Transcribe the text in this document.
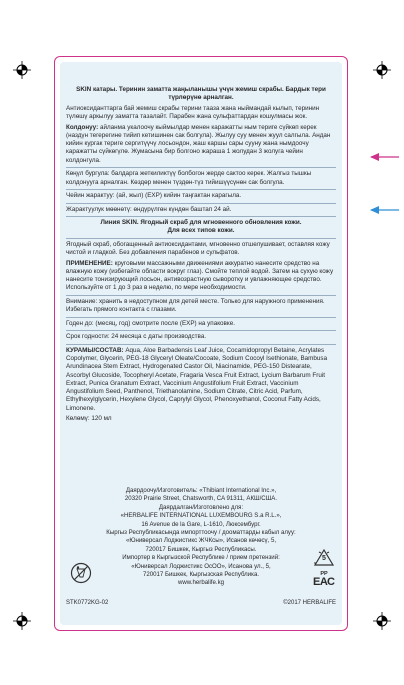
SKIN катары. Теринин заматта жаңыланышы үчүн жемиш скрабы. Бардык тери түрлөрүнө арналган.

Антиоксиданттарга бай жемиш скрабы терини тааза жана ныймандай кылып, теринин түлөшү аркылуу заматта тазалайт. Парабен жана сульфаттардан кошулмасы жок.

Колдонуу: айланма укалоочу кыймылдар менен каражатты ным териге сүйкөп керек (наздүн тегерегине тийип кетишинен сак болгула). Жылуу суу менен жуул салгыла. Андан кийин кургак териге сергитүүчү лосьондон, жаш каршы сары сууну жана нымдоочу каражатты сүйкөгүлө. Жумасына бир болгоно жараша 1 жолудан 3 жолуга чейин колдонгула.

Көңүл бургула: балдарга жеткиликтүү болбогон жерде сактоо керек. Жалгыз тышкы колдонууга арналган. Көздөр менен түздөн-түз тийишүүсүнөн сак болгула.

Чейин жарактуу: (ай, жыл) (EXP) кийин таңгактан карагыла.

Жарактуулук мөөнөтү: өндүрүлгөн күндөн баштап 24 ай.

Линия SKIN. Ягодный скраб для мгновенного обновления кожи.

Для всех типов кожи.

Ягодный скраб, обогащенный антиоксидантами, мгновенно отшелушивает, оставляя кожу чистой и гладкой. Без добавления парабенов и сульфатов.

ПРИМЕНЕНИЕ: круговыми массажными движениями аккуратно нанесите средство на влажную кожу (избегайте области вокруг глаз). Смойте теплой водой. Затем на сухую кожу нанесите тонизирующий лосьон, антивозрастную сыворотку и увлажняющее средство. Используйте от 1 до 3 раз в неделю, по мере необходимости.

Внимание: хранить в недоступном для детей месте. Только для наружного применения. Избегать прямого контакта с глазами.

Годен до: (месяц, год) смотрите после (EXP) на упаковке.

Срок годности: 24 месяца с даты производства.

КУРАМЫ/СОСТАВ: Aqua, Aloe Barbadensis Leaf Juice, Cocamidopropyl Betaine, Acrylates Copolymer, Glycerin, PEG-18 Glyceryl Oleate/Cocoate, Sodium Cocoyl Isethionate, Bambusa Arundinacea Stem Extract, Hydrogenated Castor Oil, Niacinamide, PEG-150 Distearate, Ascorbyl Glucoside, Tocopheryl Acetate, Fragaria Vesca Fruit Extract, Lycium Barbarum Fruit Extract, Punica Granatum Extract, Vaccinium Angustifolium Fruit Extract, Vaccinium Angustifolium Seed, Panthenol, Triethanolamine, Sodium Citrate, Citric Acid, Parfum, Ethylhexylglycerin, Hexylene Glycol, Caprylyl Glycol, Phenoxyethanol, Coconut Fatty Acids, Limonene.

Көлөмү: 120 мл

Даярдоочу/Изготовитель: «Thibiant International Inc.»,
20320 Prairie Street, Chatsworth, CA 91311, АКШ/США.
Даярдалган/Изготовлено для:
«HERBALIFE INTERNATIONAL LUXEMBOURG S.a R.L.»,
16 Avenue de la Gare, L-1610, Люксембург.
Кыргыз Республикасында импорттоочу / дооматтарды кабыл алуу:
«Юниверсал Лоджистикс ЖЧКсы», Исанов көчөсү, 5,
720017 Бишкек, Кыргыз Республикасы.
Импортер в Кыргызской Республике / прием претензий:
«Юниверсал Лоджистикс ОсОО», Исанова ул., 5,
720017 Бишкек, Кыргызская Республика.
www.herbalife.kg
5
PP
ЕАС
STK0772KG-02	©2017 HERBALIFE
